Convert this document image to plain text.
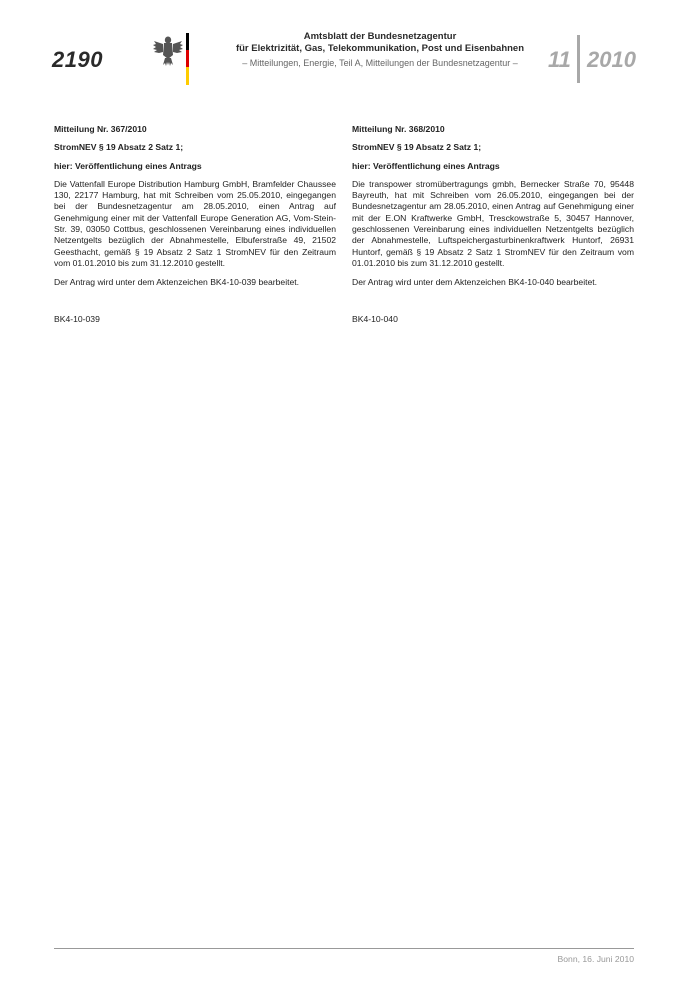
2190
Amtsblatt der Bundesnetzagentur
für Elektrizität, Gas, Telekommunikation, Post und Eisenbahnen
– Mitteilungen, Energie, Teil A, Mitteilungen der Bundesnetzagentur –	11 2010

Mitteilung Nr. 367/2010

StromNEV § 19 Absatz 2 Satz 1;

hier: Veröffentlichung eines Antrags

Die Vattenfall Europe Distribution Hamburg GmbH, Bramfelder Chaussee 130, 22177 Hamburg, hat mit Schreiben vom 25.05.2010, eingegangen bei der Bundesnetzagentur am 28.05.2010, einen Antrag auf Genehmigung einer mit der Vattenfall Europe Generation AG, Vom-Stein-Str. 39, 03050 Cottbus, geschlossenen Vereinbarung eines individuellen Netzentgelts bezüglich der Abnahmestelle, Elbuferstraße 49, 21502 Geesthacht, gemäß § 19 Absatz 2 Satz 1 StromNEV für den Zeitraum vom 01.01.2010 bis zum 31.12.2010 gestellt.

Der Antrag wird unter dem Aktenzeichen BK4-10-039 bearbeitet.

BK4-10-039

Mitteilung Nr. 368/2010

StromNEV § 19 Absatz 2 Satz 1;

hier: Veröffentlichung eines Antrags

Die transpower stromübertragungs gmbh, Bernecker Straße 70, 95448 Bayreuth, hat mit Schreiben vom 26.05.2010, eingegangen bei der Bundesnetzagentur am 28.05.2010, einen Antrag auf Genehmigung einer mit der E.ON Kraftwerke GmbH, Tresckowstraße 5, 30457 Hannover, geschlossenen Vereinbarung eines individuellen Netzentgelts bezüglich der Abnahmestelle, Luftspeichergasturbinenkraftwerk Huntorf, 26931 Huntorf, gemäß § 19 Absatz 2 Satz 1 StromNEV für den Zeitraum vom 01.01.2010 bis zum 31.12.2010 gestellt.

Der Antrag wird unter dem Aktenzeichen BK4-10-040 bearbeitet.

BK4-10-040

Bonn, 16. Juni 2010
